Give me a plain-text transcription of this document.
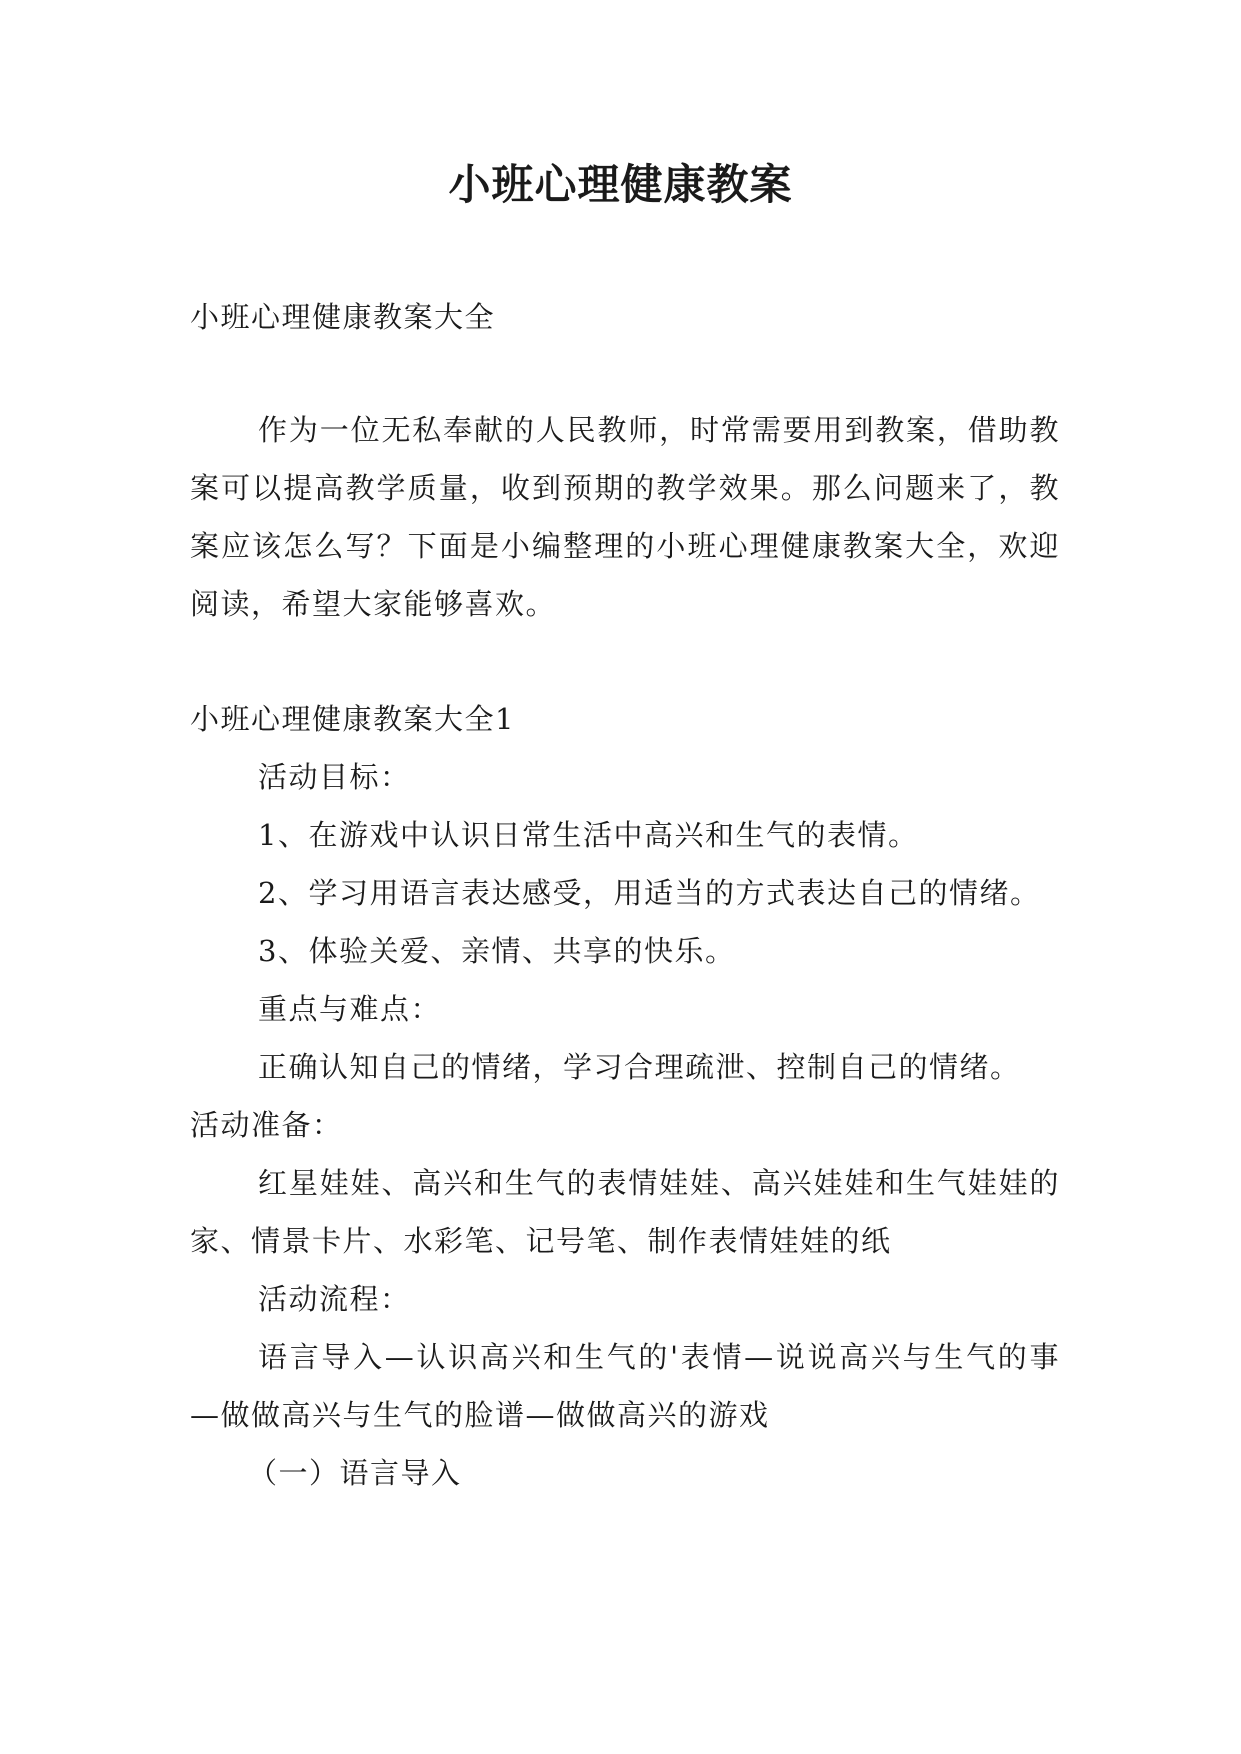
小班心理健康教案
小班心理健康教案大全
作为一位无私奉献的人民教师，时常需要用到教案，借助教案可以提高教学质量，收到预期的教学效果。那么问题来了，教案应该怎么写？下面是小编整理的小班心理健康教案大全，欢迎阅读，希望大家能够喜欢。

小班心理健康教案大全1

活动目标：

1、在游戏中认识日常生活中高兴和生气的表情。

2、学习用语言表达感受，用适当的方式表达自己的情绪。

3、体验关爱、亲情、共享的快乐。

重点与难点：

正确认知自己的情绪，学习合理疏泄、控制自己的情绪。

活动准备：

红星娃娃、高兴和生气的表情娃娃、高兴娃娃和生气娃娃的家、情景卡片、水彩笔、记号笔、制作表情娃娃的纸

活动流程：

语言导入—认识高兴和生气的'表情—说说高兴与生气的事—做做高兴与生气的脸谱—做做高兴的游戏

（一）语言导入
